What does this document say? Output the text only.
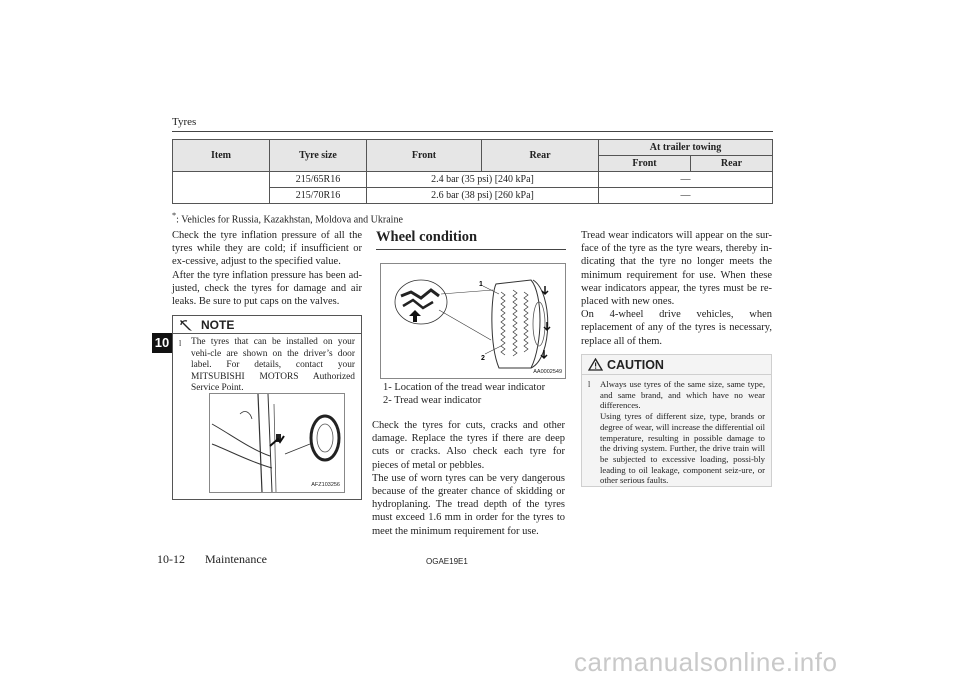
Tyres
10
Item	Tyre size	Front	Rear	At trailer towing	
				Front	Rear
	215/65R16	2.4 bar (35 psi) [240 kPa]		—	
	215/70R16	2.6 bar (38 psi) [260 kPa]		—	
*: Vehicles for Russia, Kazakhstan, Moldova and Ukraine

Check the tyre inflation pressure of all the tyres while they are cold; if insufficient or ex-cessive, adjust to the specified value.

After the tyre inflation pressure has been ad-justed, check the tyres for damage and air leaks. Be sure to put caps on the valves.

NOTE
l	The tyres that can be installed on your vehi-cle are shown on the driver’s door label. For details, contact your MITSUBISHI MOTORS Authorized Service Point.
AFZ103256
Wheel condition
1
2
AA0002549
1- Location of the tread wear indicator
2- Tread wear indicator

Check the tyres for cuts, cracks and other damage. Replace the tyres if there are deep cuts or cracks. Also check each tyre for pieces of metal or pebbles.

The use of worn tyres can be very dangerous because of the greater chance of skidding or hydroplaning. The tread depth of the tyres must exceed 1.6 mm in order for the tyres to meet the minimum requirement for use.

Tread wear indicators will appear on the sur-face of the tyre as the tyre wears, thereby in-dicating that the tyre no longer meets the minimum requirement for use. When these wear indicators appear, the tyres must be re-placed with new ones.

On 4-wheel drive vehicles, when replacement of any of the tyres is necessary, replace all of them.

CAUTION
l	Always use tyres of the same size, same type, and same brand, and which have no wear differences.
Using tyres of different size, type, brands or degree of wear, will increase the differential oil temperature, resulting in possible damage to the driving system. Further, the drive train will be subjected to excessive loading, possi-bly leading to oil leakage, component seiz-ure, or other serious faults.
10-12 Maintenance	OGAE19E1
carmanualsonline.info
